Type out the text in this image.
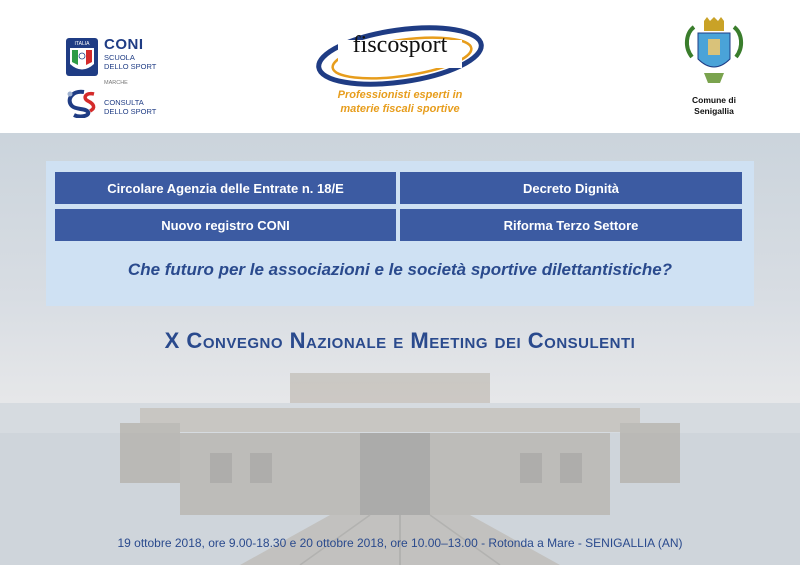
ITALIA CONI
SCUOLA
DELLO SPORT
MARCHE
CONSULTA
DELLO SPORT
fiscosport
Professionisti esperti in
materie fiscali sportive
Comune di
Senigallia
Circolare Agenzia delle Entrate n. 18/E	Decreto Dignità
Nuovo registro CONI	Riforma Terzo Settore
Che futuro per le associazioni e le società sportive dilettantistiche?
X Convegno Nazionale e Meeting dei Consulenti
19 ottobre 2018, ore 9.00-18.30 e 20 ottobre 2018, ore 10.00–13.00 - Rotonda a Mare - SENIGALLIA (AN)
